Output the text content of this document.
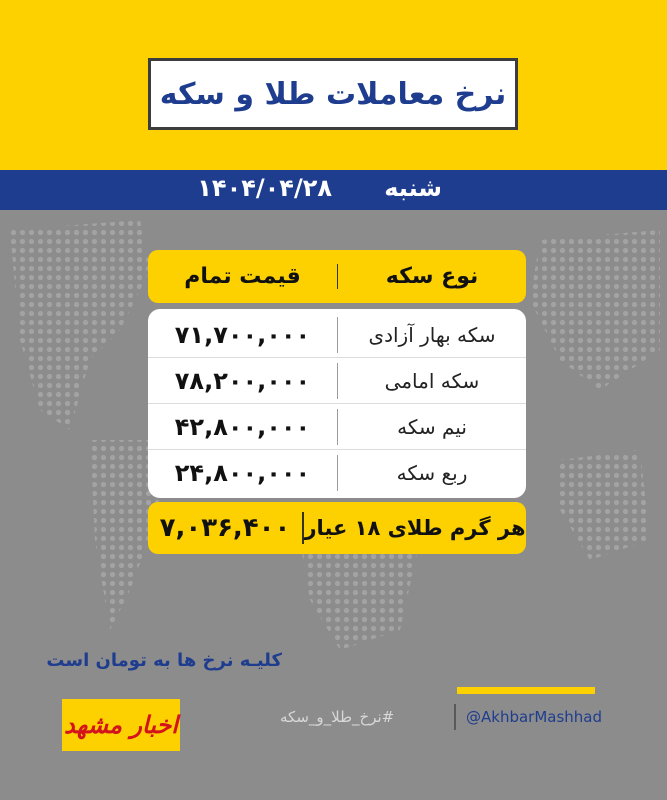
نرخ معاملات طلا و سکه
شنبه
۱۴۰۴/۰۴/۲۸
نوع سکه
قیمت تمام
سکه بهار آزادی
۷۱,۷۰۰,۰۰۰
سکه امامی
۷۸,۲۰۰,۰۰۰
نیم سکه
۴۲,۸۰۰,۰۰۰
ربع سکه
۲۴,۸۰۰,۰۰۰
هر گرم طلای ۱۸ عیار
۷,۰۳۶,۴۰۰
کلیـه نرخ ها به تومان است
اخبار مشهد	#نرخ_طلا_و_سکه	@AkhbarMashhad
